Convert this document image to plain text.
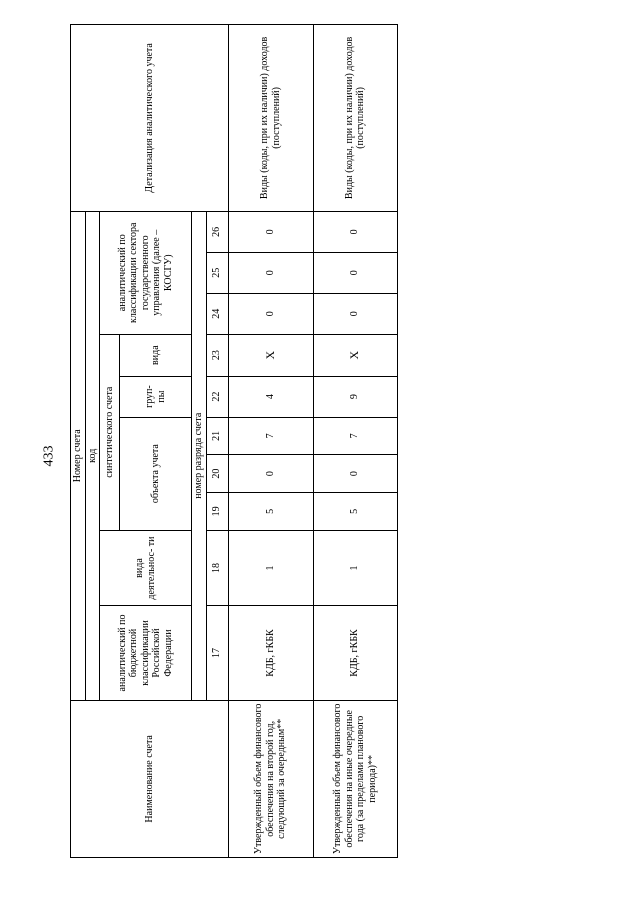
433
Наименование счета	Номер счета										Детализация аналитического учета
	код										
	аналитический по бюджетной классификации Российской Федерации	вида деятельнос- ти	синтетического счета					аналитический по классификации сектора государственного управления (далее – КОСГУ)			
			объекта учета			груп- пы	вида				
	номер разряда счета										
	17	18	19	20	21	22	23	24	25	26	
Утвержденный объем финансового обеспечения на второй год, следующий за очередным**	КДБ, гКБК	1	5	0	7	4	X	0	0	0	Виды (коды, при их наличии) доходов (поступлений)
Утвержденный объем финансового обеспечения на иные очередные года (за пределами планового периода)**	КДБ, гКБК	1	5	0	7	9	X	0	0	0	Виды (коды, при их наличии) доходов (поступлений)
